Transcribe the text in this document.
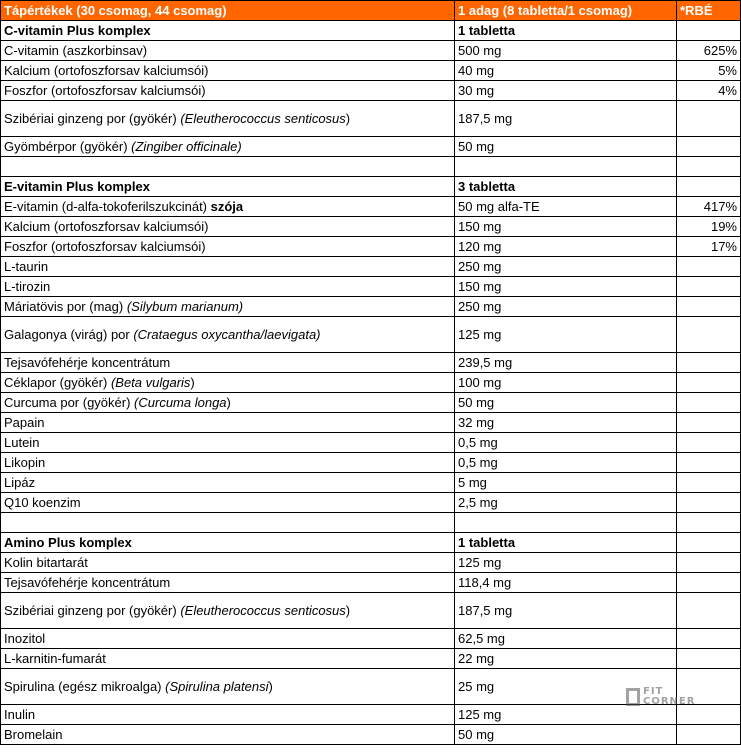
Tápértékek (30 csomag, 44 csomag)	1 adag (8 tabletta/1 csomag)	*RBÉ
C-vitamin Plus komplex	1 tabletta	
C-vitamin (aszkorbinsav)	500 mg	625%
Kalcium (ortofoszforsav kalciumsói)	40 mg	5%
Foszfor (ortofoszforsav kalciumsói)	30 mg	4%
Szibériai ginzeng por (gyökér) (Eleutherococcus senticosus)	187,5 mg	
Gyömbérpor (gyökér) (Zingiber officinale)	50 mg	

E-vitamin Plus komplex	3 tabletta	
E-vitamin (d-alfa-tokoferilszukcinát) szója	50 mg alfa-TE	417%
Kalcium (ortofoszforsav kalciumsói)	150 mg	19%
Foszfor (ortofoszforsav kalciumsói)	120 mg	17%
L-taurin	250 mg	
L-tirozin	150 mg	
Máriatövis por (mag) (Silybum marianum)	250 mg	
Galagonya (virág) por (Crataegus oxycantha/laevigata)	125 mg	
Tejsavófehérje koncentrátum	239,5 mg	
Céklapor (gyökér) (Beta vulgaris)	100 mg	
Curcuma por (gyökér) (Curcuma longa)	50 mg	
Papain	32 mg	
Lutein	0,5 mg	
Likopin	0,5 mg	
Lipáz	5 mg	
Q10 koenzim	2,5 mg	

Amino Plus komplex	1 tabletta	
Kolin bitartarát	125 mg	
Tejsavófehérje koncentrátum	118,4 mg	
Szibériai ginzeng por (gyökér) (Eleutherococcus senticosus)	187,5 mg	
Inozitol	62,5 mg	
L-karnitin-fumarát	22 mg	
Spirulina (egész mikroalga) (Spirulina platensi)	25 mg	
Inulin	125 mg	
Bromelain	50 mg	
FIT
CORNER
